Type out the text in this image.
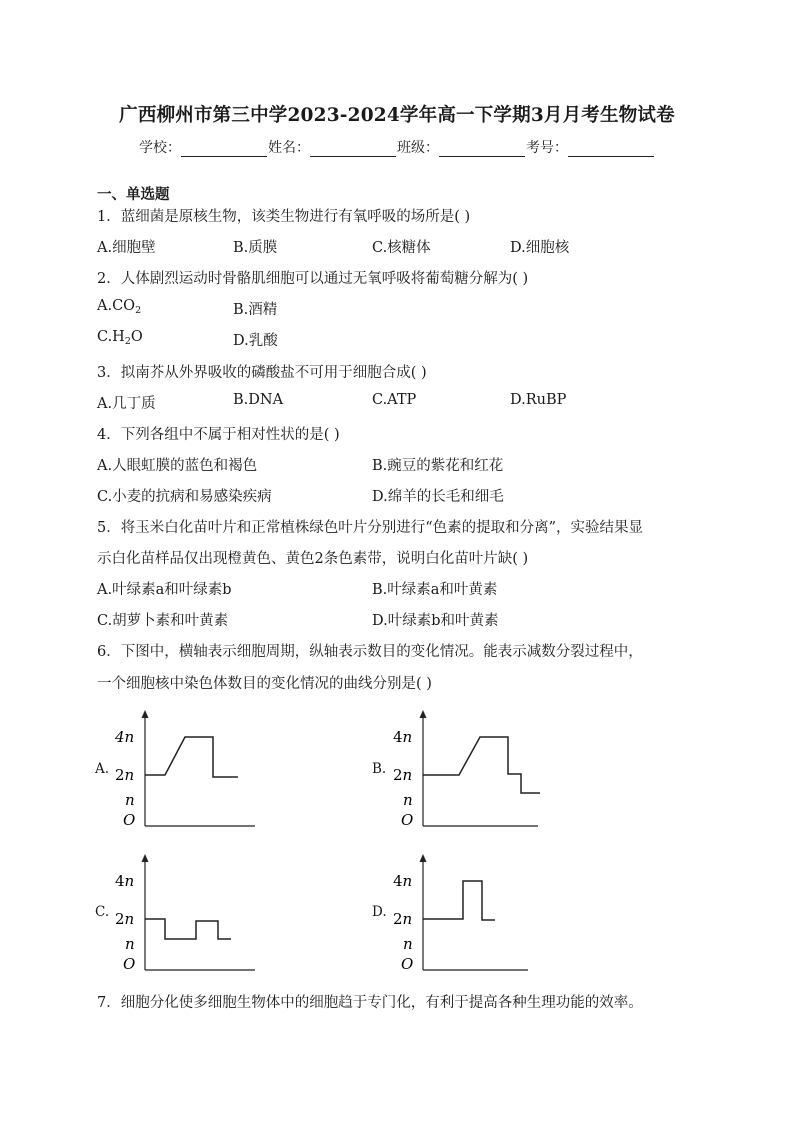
广西柳州市第三中学2023-2024学年高一下学期3月月考生物试卷
学校：	姓名：	班级：	考号：
一、单选题
1．蓝细菌是原核生物，该类生物进行有氧呼吸的场所是( )
A.细胞壁	B.质膜	C.核糖体	D.细胞核
2．人体剧烈运动时骨骼肌细胞可以通过无氧呼吸将葡萄糖分解为( )
$A.CO_2$	B.酒精
$C.H_2O$	D.乳酸
3．拟南芥从外界吸收的磷酸盐不可用于细胞合成( )
A.几丁质	B.DNA	C.ATP	D.RuBP
4．下列各组中不属于相对性状的是( )
A.人眼虹膜的蓝色和褐色	B.豌豆的紫花和红花
C.小麦的抗病和易感染疾病	D.绵羊的长毛和细毛
5．将玉米白化苗叶片和正常植株绿色叶片分别进行“色素的提取和分离”，实验结果显
示白化苗样品仅出现橙黄色、黄色2条色素带，说明白化苗叶片缺( )
A.叶绿素a和叶绿素b	B.叶绿素a和叶黄素
C.胡萝卜素和叶黄素	D.叶绿素b和叶黄素
6．下图中，横轴表示细胞周期，纵轴表示数目的变化情况。能表示减数分裂过程中，
一个细胞核中染色体数目的变化情况的曲线分别是( )
A.
4n
2n
n
O
B.
4n
2n
n
O
C.
4n
2n
n
O
D.
4n
2n
n
O
7．细胞分化使多细胞生物体中的细胞趋于专门化，有利于提高各种生理功能的效率。
